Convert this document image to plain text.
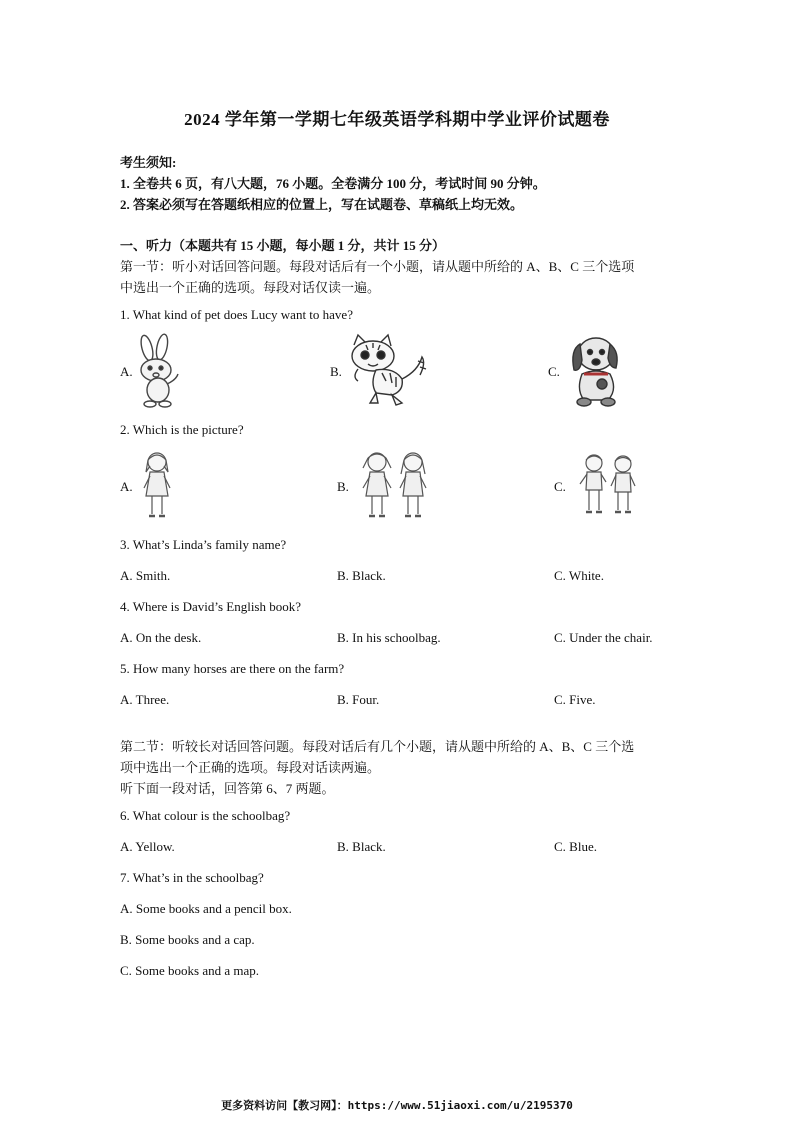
2024 学年第一学期七年级英语学科期中学业评价试题卷
考生须知:
1. 全卷共 6 页，有八大题，76 小题。全卷满分 100 分，考试时间 90 分钟。
2. 答案必须写在答题纸相应的位置上，写在试题卷、草稿纸上均无效。
一、听力（本题共有 15 小题，每小题 1 分，共计 15 分）
第一节：听小对话回答问题。每段对话后有一个小题，请从题中所给的 A、B、C 三个选项
中选出一个正确的选项。每段对话仅读一遍。
1. What kind of pet does Lucy want to have?
A.	B.	C.
2. Which is the picture?
A.	B.	C.
3. What’s Linda’s family name?
A. Smith.	B. Black.	C. White.
4. Where is David’s English book?
A. On the desk.	B. In his schoolbag.	C. Under the chair.
5. How many horses are there on the farm?
A. Three.	B. Four.	C. Five.
第二节：听较长对话回答问题。每段对话后有几个小题，请从题中所给的 A、B、C 三个选
项中选出一个正确的选项。每段对话读两遍。
听下面一段对话，回答第 6、7 两题。
6. What colour is the schoolbag?
A. Yellow.	B. Black.	C. Blue.
7. What’s in the schoolbag?
A. Some books and a pencil box.
B. Some books and a cap.
C. Some books and a map.
更多资料访问【教习网】：https://www.51jiaoxi.com/u/2195370
